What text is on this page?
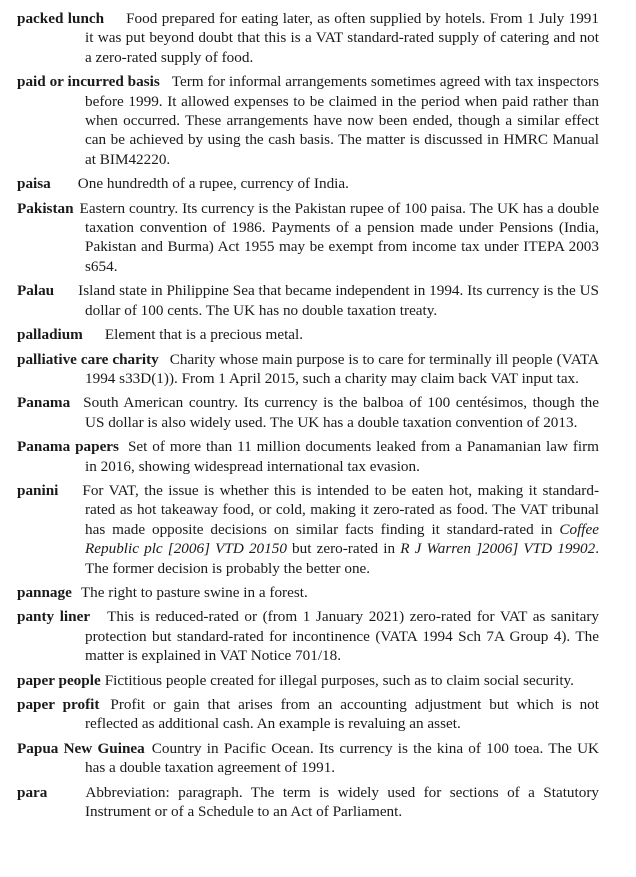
packed lunch Food prepared for eating later, as often supplied by hotels. From 1 July 1991 it was put beyond doubt that this is a VAT standard-rated supply of catering and not a zero-rated supply of food.

paid or incurred basis Term for informal arrangements sometimes agreed with tax inspectors before 1999. It allowed expenses to be claimed in the period when paid rather than when occurred. These arrangements have now been ended, though a similar effect can be achieved by using the cash basis. The matter is discussed in HMRC Manual at BIM42220.

paisa One hundredth of a rupee, currency of India.

Pakistan Eastern country. Its currency is the Pakistan rupee of 100 paisa. The UK has a double taxation convention of 1986. Payments of a pension made under Pensions (India, Pakistan and Burma) Act 1955 may be exempt from income tax under ITEPA 2003 s654.

Palau Island state in Philippine Sea that became independent in 1994. Its currency is the US dollar of 100 cents. The UK has no double taxation treaty.

palladium Element that is a precious metal.

palliative care charity Charity whose main purpose is to care for terminally ill people (VATA 1994 s33D(1)). From 1 April 2015, such a charity may claim back VAT input tax.

Panama South American country. Its currency is the balboa of 100 centésimos, though the US dollar is also widely used. The UK has a double taxation convention of 2013.

Panama papers Set of more than 11 million documents leaked from a Panamanian law firm in 2016, showing widespread international tax evasion.

panini For VAT, the issue is whether this is intended to be eaten hot, making it standard-rated as hot takeaway food, or cold, making it zero-rated as food. The VAT tribunal has made opposite decisions on similar facts finding it standard-rated in Coffee Republic plc [2006] VTD 20150 but zero-rated in R J Warren ]2006] VTD 19902. The former decision is probably the better one.

pannage The right to pasture swine in a forest.

panty liner This is reduced-rated or (from 1 January 2021) zero-rated for VAT as sanitary protection but standard-rated for incontinence (VATA 1994 Sch 7A Group 4). The matter is explained in VAT Notice 701/18.

paper people Fictitious people created for illegal purposes, such as to claim social security.

paper profit Profit or gain that arises from an accounting adjustment but which is not reflected as additional cash. An example is revaluing an asset.

Papua New Guinea Country in Pacific Ocean. Its currency is the kina of 100 toea. The UK has a double taxation agreement of 1991.

para	Abbreviation: paragraph. The term is widely used for sections of a Statutory Instrument or of a Schedule to an Act of Parliament.
